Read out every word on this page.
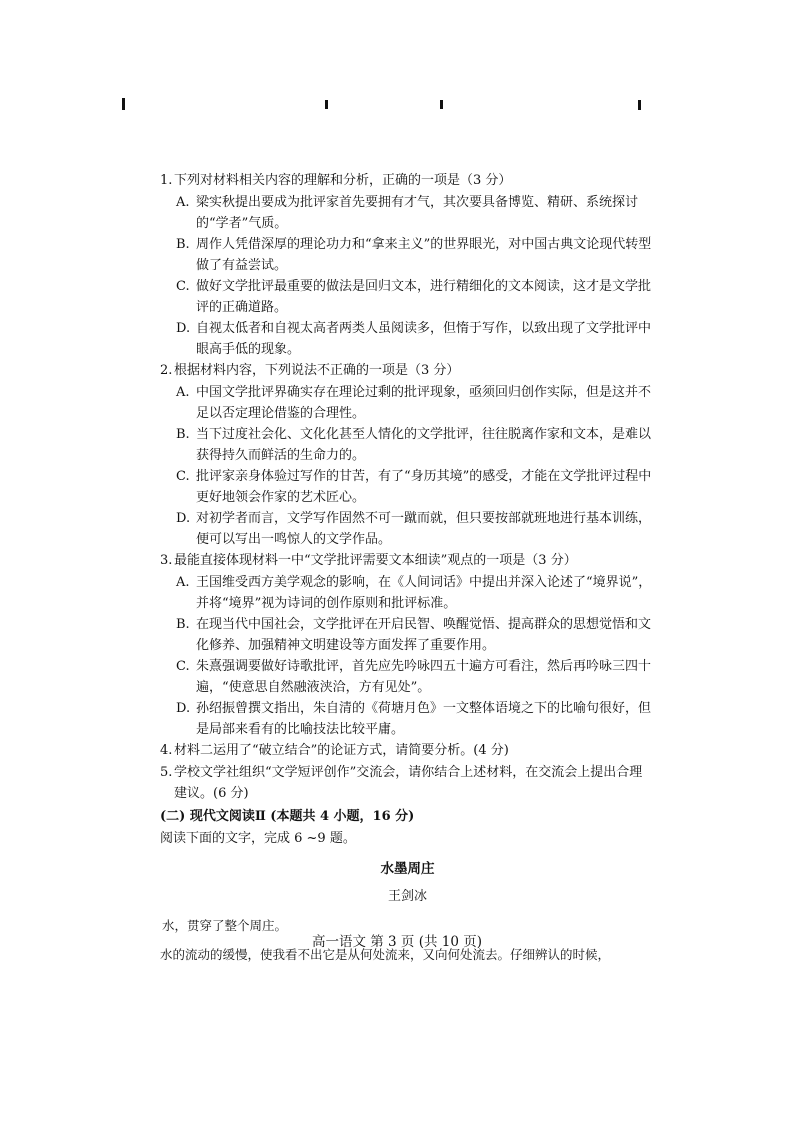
1. 下列对材料相关内容的理解和分析，正确的一项是（3 分）
A. 梁实秋提出要成为批评家首先要拥有才气，其次要具备博览、精研、系统探讨的“学者”气质。
B. 周作人凭借深厚的理论功力和“拿来主义”的世界眼光，对中国古典文论现代转型做了有益尝试。
C. 做好文学批评最重要的做法是回归文本，进行精细化的文本阅读，这才是文学批评的正确道路。
D. 自视太低者和自视太高者两类人虽阅读多，但惰于写作，以致出现了文学批评中眼高手低的现象。
2. 根据材料内容，下列说法不正确的一项是（3 分）
A. 中国文学批评界确实存在理论过剩的批评现象，亟须回归创作实际，但是这并不足以否定理论借鉴的合理性。
B. 当下过度社会化、文化化甚至人情化的文学批评，往往脱离作家和文本，是难以获得持久而鲜活的生命力的。
C. 批评家亲身体验过写作的甘苦，有了“身历其境”的感受，才能在文学批评过程中更好地领会作家的艺术匠心。
D. 对初学者而言，文学写作固然不可一蹴而就，但只要按部就班地进行基本训练，便可以写出一鸣惊人的文学作品。
3. 最能直接体现材料一中“文学批评需要文本细读”观点的一项是（3 分）
A. 王国维受西方美学观念的影响，在《人间词话》中提出并深入论述了“境界说”，并将“境界”视为诗词的创作原则和批评标准。
B. 在现当代中国社会，文学批评在开启民智、唤醒觉悟、提高群众的思想觉悟和文化修养、加强精神文明建设等方面发挥了重要作用。
C. 朱熹强调要做好诗歌批评，首先应先吟咏四五十遍方可看注，然后再吟咏三四十遍，“使意思自然融液浃洽，方有见处”。
D. 孙绍振曾撰文指出，朱自清的《荷塘月色》一文整体语境之下的比喻句很好，但是局部来看有的比喻技法比较平庸。
4. 材料二运用了“破立结合”的论证方式，请简要分析。(4 分)
5. 学校文学社组织“文学短评创作”交流会，请你结合上述材料，在交流会上提出合理建议。(6 分)
(二) 现代文阅读Ⅱ (本题共 4 小题，16 分)
阅读下面的文字，完成 6 ~9 题。
水墨周庄
王剑冰
水，贯穿了整个周庄。
水的流动的缓慢，使我看不出它是从何处流来，又向何处流去。仔细辨认的时候，
高一语文 第 3 页 (共 10 页)
